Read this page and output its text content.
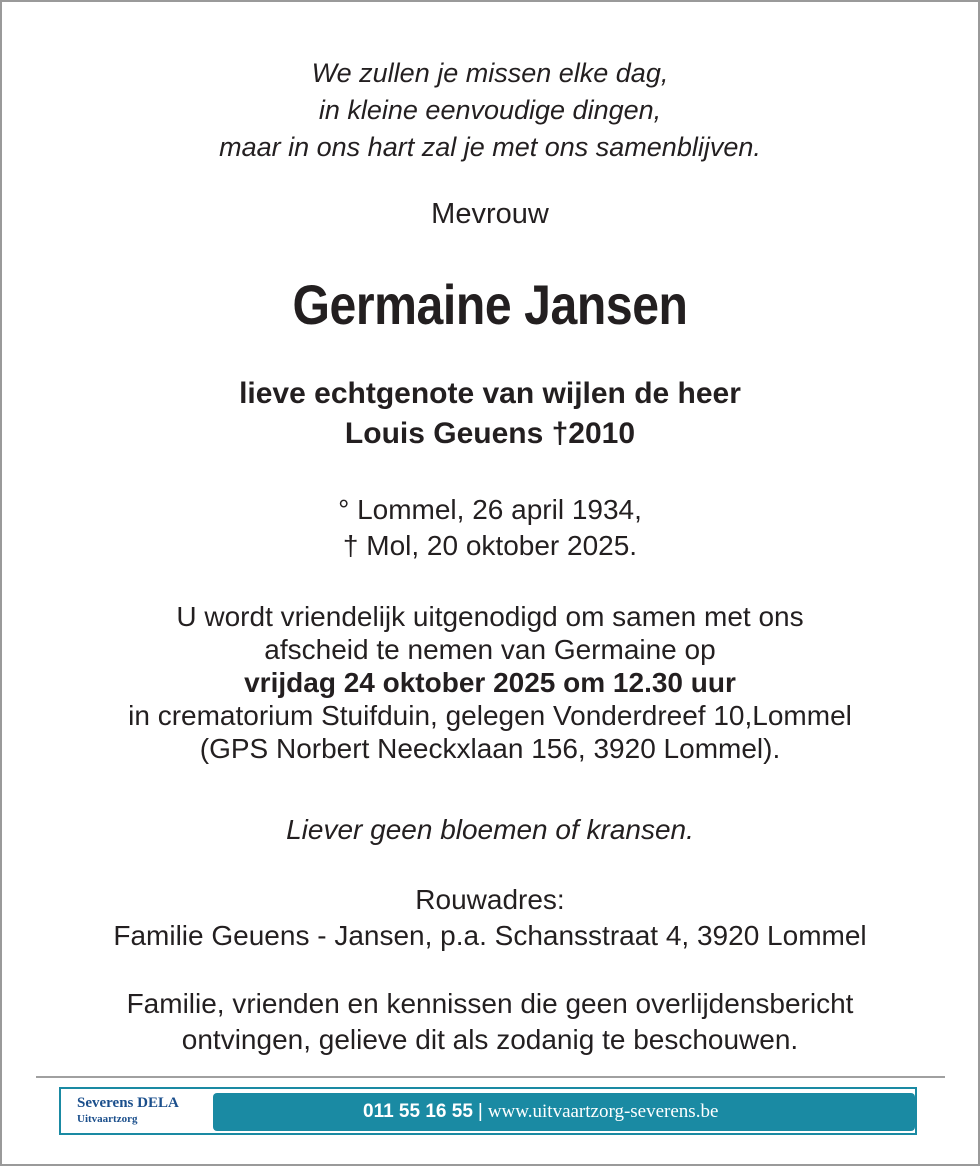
We zullen je missen elke dag,
in kleine eenvoudige dingen,
maar in ons hart zal je met ons samenblijven.
Mevrouw
Germaine Jansen
lieve echtgenote van wijlen de heer
Louis Geuens †2010
° Lommel, 26 april 1934,
† Mol, 20 oktober 2025.
U wordt vriendelijk uitgenodigd om samen met ons
afscheid te nemen van Germaine op
vrijdag 24 oktober 2025 om 12.30 uur
in crematorium Stuifduin, gelegen Vonderdreef 10,Lommel
(GPS Norbert Neeckxlaan 156, 3920 Lommel).
Liever geen bloemen of kransen.
Rouwadres:
Familie Geuens - Jansen, p.a. Schansstraat 4, 3920 Lommel
Familie, vrienden en kennissen die geen overlijdensbericht
ontvingen, gelieve dit als zodanig te beschouwen.
Severens DELA
Uitvaartzorg	011 55 16 55 | www.uitvaartzorg-severens.be
